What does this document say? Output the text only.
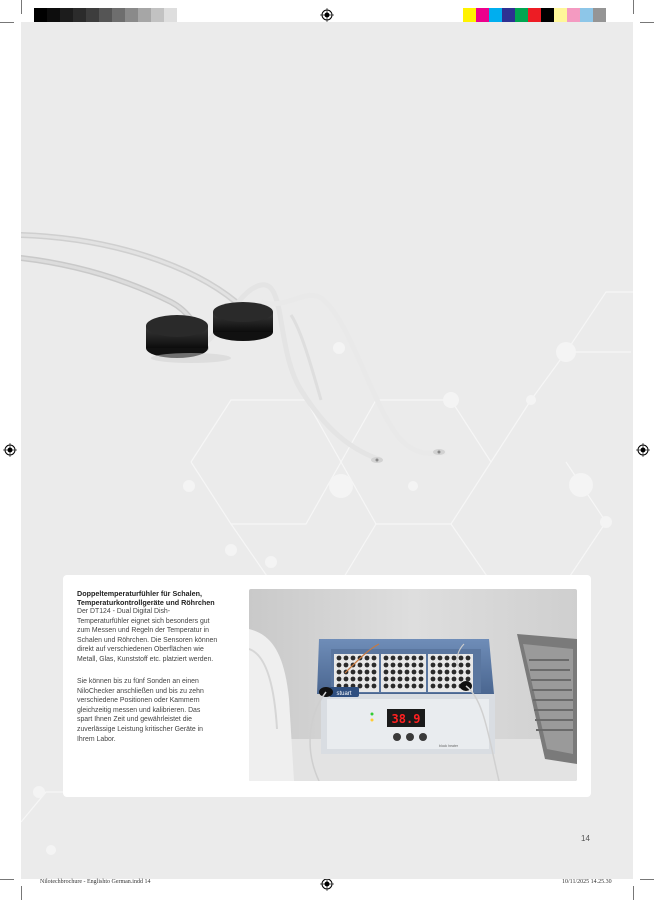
Doppeltemperaturfühler für Schalen, Temperaturkontrollgeräte und Röhrchen
Der DT124 - Dual Digital Dish-
Temperaturfühler eignet sich besonders gut
zum Messen und Regeln der Temperatur in
Schalen und Röhrchen. Die Sensoren können
direkt auf verschiedenen Oberflächen wie
Metall, Glas, Kunststoff etc. platziert werden.
Sie können bis zu fünf Sonden an einen
NiloChecker anschließen und bis zu zehn
verschiedene Positionen oder Kammern
gleichzeitig messen und kalibrieren. Das
spart Ihnen Zeit und gewährleistet die
zuverlässige Leistung kritischer Geräte in
Ihrem Labor.
stuart
38.9
block heater
14
Nilotechbrochure - Englishto German.indd 14	10/11/2025 14.25.30
